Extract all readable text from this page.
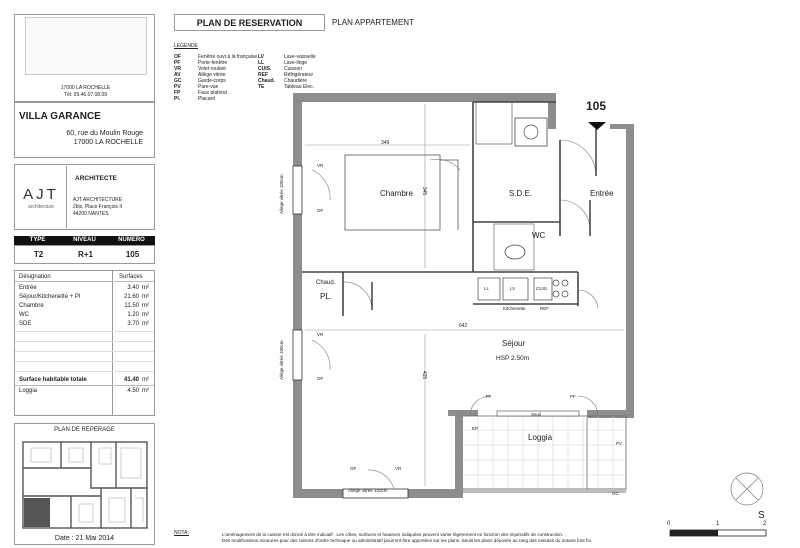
17000 LA ROCHELLE
Tél: 05.46.07.08.09
VILLA GARANCE
60, rue du Moulin Rouge
17000 LA ROCHELLE
AJT
architecture
ARCHITECTE
AJT ARCHITECTURE
2bis, Place François II
44200 NANTES
TYPE	NIVEAU	NUMERO
T2	R+1	105
Désignation	Surfaces
Entrée	3.40 m²
Séjour/Kitchenette + Pl	21.60 m²
Chambre	11.50 m²
WC	1.20 m²
SDE	3.70 m²
Surface habitable totale	41.40 m²
Loggia	4.50 m²
PLAN DE REPERAGE
Date : 21 Mai 2014
PLAN DE RESERVATION	PLAN APPARTEMENT
LEGENDE
OF	Fenêtre ouvr.à la française
PF	Porte-fenêtre
VR	Volet roulant
AV	Allège vitrée
GC	Garde-corps
PV	Pare-vue
FP	Faux plafond
Pl.	Placard
LV	Lave-vaisselle
LL	Lave-linge
CUIS.	Cuisson
REF	Réfrigérateur
Chaud. Chaudière
TE	Tableau Elec.
105
Chambre	S.D.E.	Entrée
WC
Chaud.
PL.
Séjour
HSP 2.50m
Loggia
Kitchenette
349
345
642
425
VR
OF
VR
OF
OF	VR
PF	PF
Seuil
EP
PV
GC
LL	LV	CUIS.
REF
Allège vitrée 100cm
Allège vitrée 100cm
Allège vitrée 100cm
NOTA:	L'aménagement de la cuisine est donné à titre indicatif . Les côtes, surfaces et hauteurs indiquées peuvent varier légèrement en fonction des impératifs de construction.
Des modifications mineures pour des raisons d'ordre technique ou administratif pourront être apportées sur les plans. Seuls les plans déposés au rang des minutes du notaire font foi.
0	1	2
S
